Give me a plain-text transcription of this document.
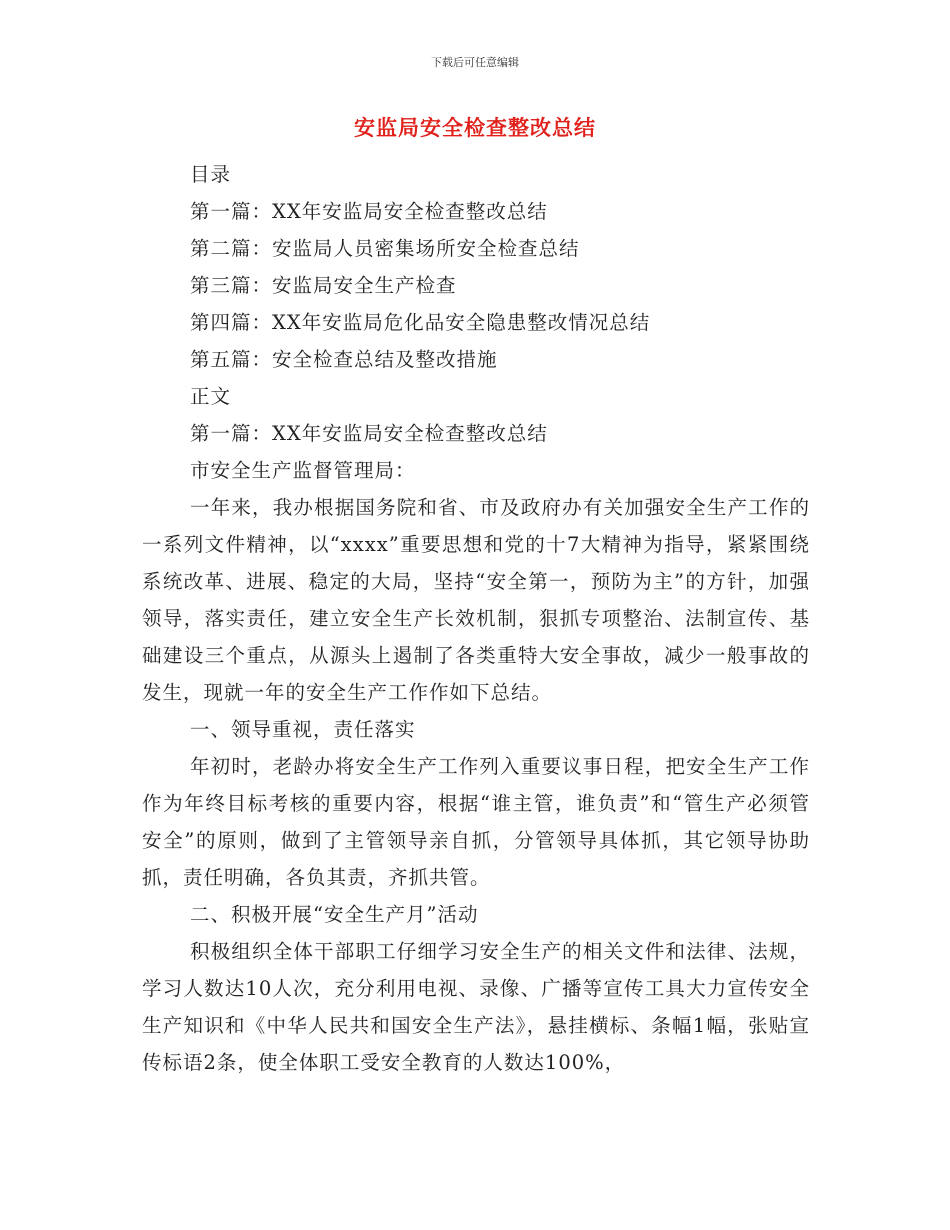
下载后可任意编辑
安监局安全检查整改总结

目录

第一篇：XX年安监局安全检查整改总结

第二篇：安监局人员密集场所安全检查总结

第三篇：安监局安全生产检查

第四篇：XX年安监局危化品安全隐患整改情况总结

第五篇：安全检查总结及整改措施

正文

第一篇：XX年安监局安全检查整改总结

市安全生产监督管理局：

一年来，我办根据国务院和省、市及政府办有关加强安全生产工作的一系列文件精神，以“xxxx”重要思想和党的十7大精神为指导，紧紧围绕系统改革、进展、稳定的大局，坚持“安全第一，预防为主”的方针，加强领导，落实责任，建立安全生产长效机制，狠抓专项整治、法制宣传、基础建设三个重点，从源头上遏制了各类重特大安全事故，减少一般事故的发生，现就一年的安全生产工作作如下总结。

一、领导重视，责任落实

年初时，老龄办将安全生产工作列入重要议事日程，把安全生产工作作为年终目标考核的重要内容，根据“谁主管，谁负责”和“管生产必须管安全”的原则，做到了主管领导亲自抓，分管领导具体抓，其它领导协助抓，责任明确，各负其责，齐抓共管。

二、积极开展“安全生产月”活动

积极组织全体干部职工仔细学习安全生产的相关文件和法律、法规，学习人数达10人次，充分利用电视、录像、广播等宣传工具大力宣传安全生产知识和《中华人民共和国安全生产法》，悬挂横标、条幅1幅，张贴宣传标语2条，使全体职工受安全教育的人数达100%，
